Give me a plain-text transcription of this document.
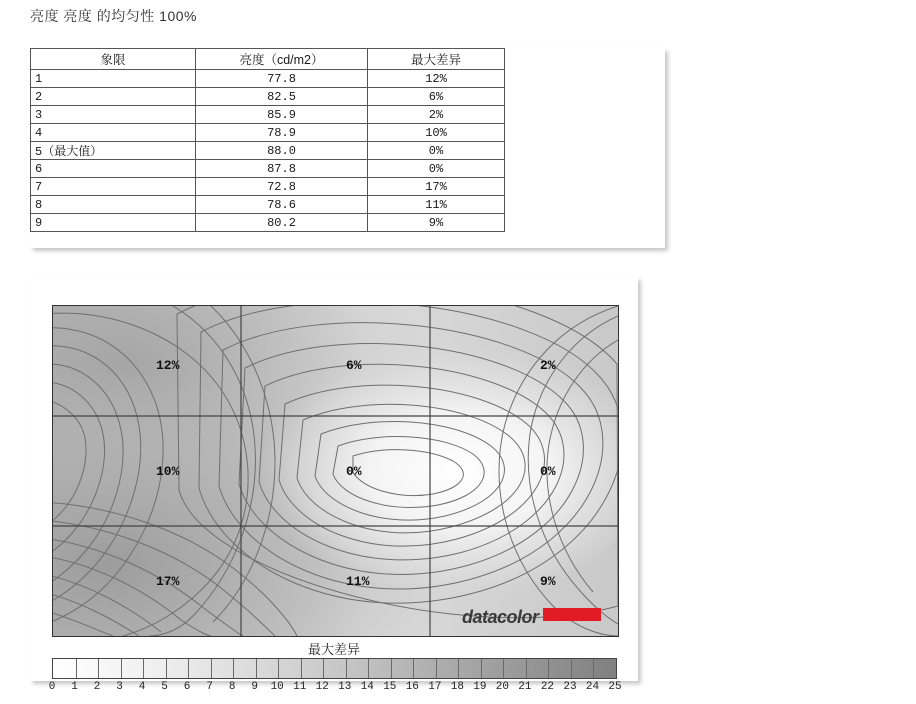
亮度 亮度 的均匀性 100%
象限	亮度（cd/m2）	最大差异
1	77.8	12%
2	82.5	6%
3	85.9	2%
4	78.9	10%
5（最大值）	88.0	0%
6	87.8	0%
7	72.8	17%
8	78.6	11%
9	80.2	9%
12%	6%	2%
10%	0%	0%
17%	11%	9%
datacolor
最大差异
0 1 2 3 4 5 6 7 8 9 10 11 12 13 14 15 16 17 18 19 20 21 22 23 24 25
